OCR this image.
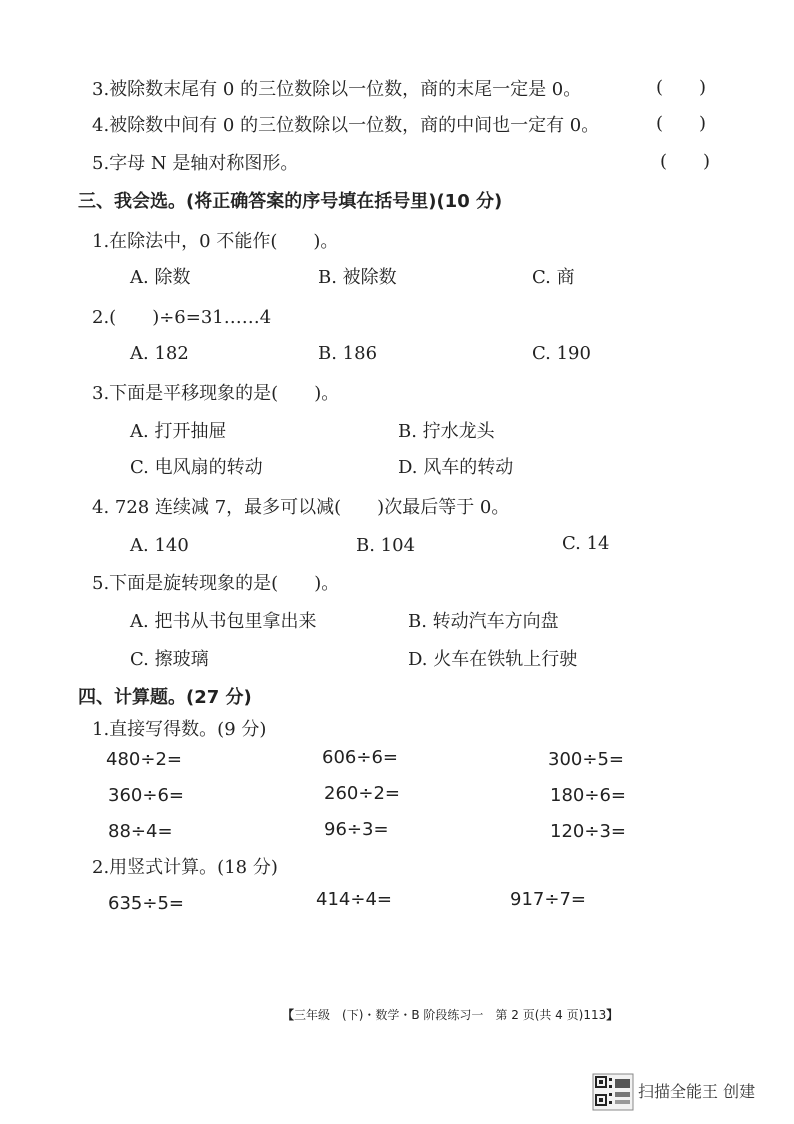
3.被除数末尾有 0 的三位数除以一位数，商的末尾一定是 0。	(　　)
4.被除数中间有 0 的三位数除以一位数，商的中间也一定有 0。	(　　)
5.字母 N 是轴对称图形。	(　　)
三、我会选。(将正确答案的序号填在括号里)(10 分)
1.在除法中，0 不能作(　　)。
A. 除数	B. 被除数	C. 商
2.(　　)÷6=31……4
A. 182	B. 186	C. 190
3.下面是平移现象的是(　　)。
A. 打开抽屉	B. 拧水龙头
C. 电风扇的转动	D. 风车的转动
4. 728 连续减 7，最多可以减(　　)次最后等于 0。
A. 140	B. 104	C. 14
5.下面是旋转现象的是(　　)。
A. 把书从书包里拿出来	B. 转动汽车方向盘
C. 擦玻璃	D. 火车在铁轨上行驶
四、计算题。(27 分)
1.直接写得数。(9 分)
480÷2=	606÷6=	300÷5=
360÷6=	260÷2=	180÷6=
88÷4=	96÷3=	120÷3=
2.用竖式计算。(18 分)
635÷5=	414÷4=	917÷7=
【三年级　(下)・数学・B 阶段练习一　第 2 页(共 4 页)113】
扫描全能王 创建
